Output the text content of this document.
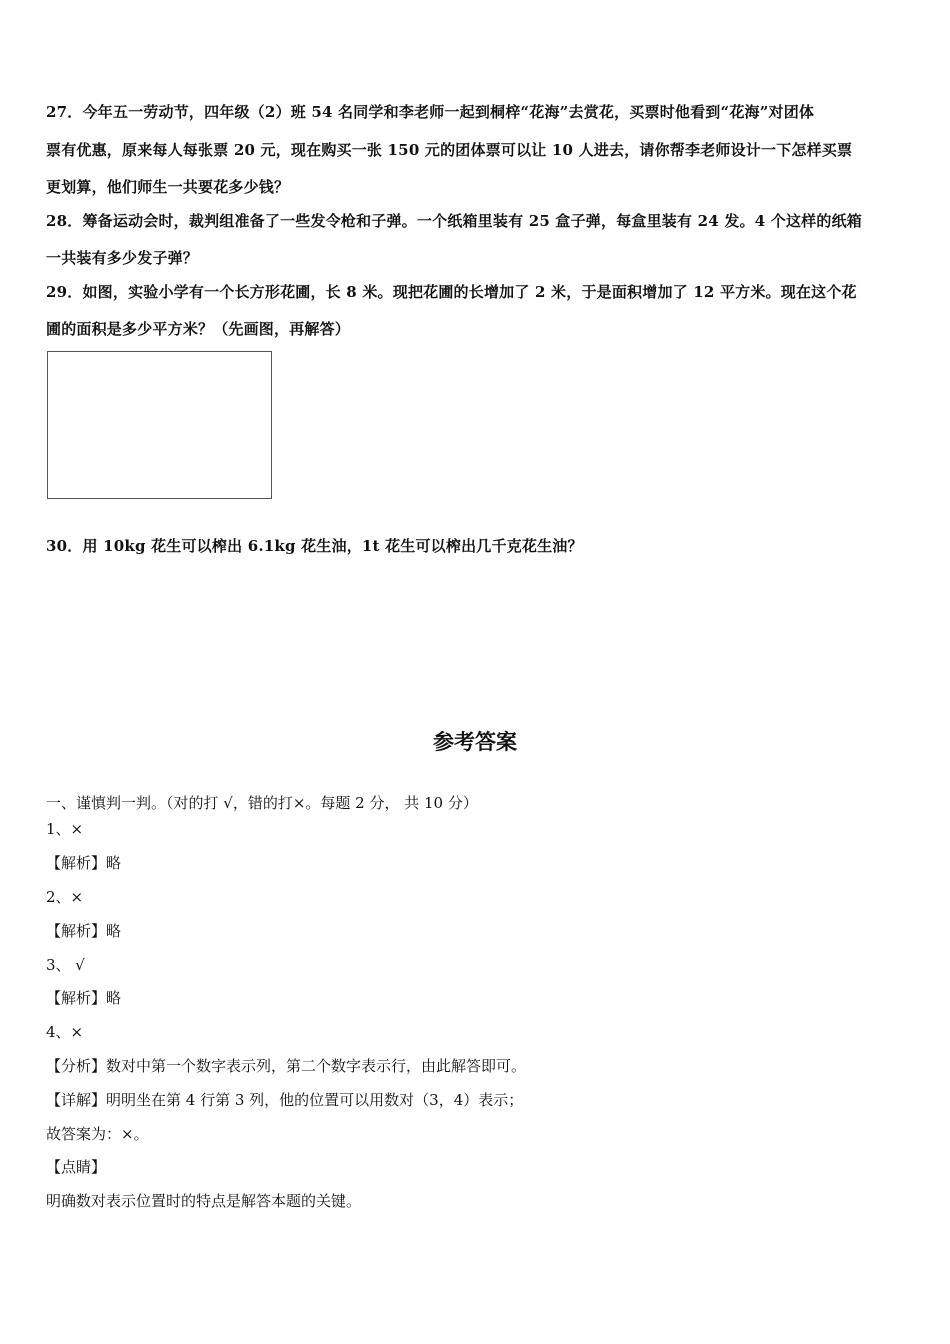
27．今年五一劳动节，四年级（2）班 54 名同学和李老师一起到桐梓“花海”去赏花，买票时他看到“花海”对团体
票有优惠，原来每人每张票 20 元，现在购买一张 150 元的团体票可以让 10 人进去，请你帮李老师设计一下怎样买票
更划算，他们师生一共要花多少钱？
28．筹备运动会时，裁判组准备了一些发令枪和子弹。一个纸箱里装有 25 盒子弹，每盒里装有 24 发。4 个这样的纸箱
一共装有多少发子弹？
29．如图，实验小学有一个长方形花圃，长 8 米。现把花圃的长增加了 2 米，于是面积增加了 12 平方米。现在这个花
圃的面积是多少平方米？（先画图，再解答）
30．用 10kg 花生可以榨出 6.1kg 花生油，1t 花生可以榨出几千克花生油？
参考答案
一、谨慎判一判。（对的打 √，错的打×。每题 2 分， 共 10 分）
1、×
【解析】略
2、×
【解析】略
3、 √
【解析】略
4、×
【分析】数对中第一个数字表示列，第二个数字表示行，由此解答即可。
【详解】明明坐在第 4 行第 3 列，他的位置可以用数对（3，4）表示；
故答案为：×。
【点睛】
明确数对表示位置时的特点是解答本题的关键。
